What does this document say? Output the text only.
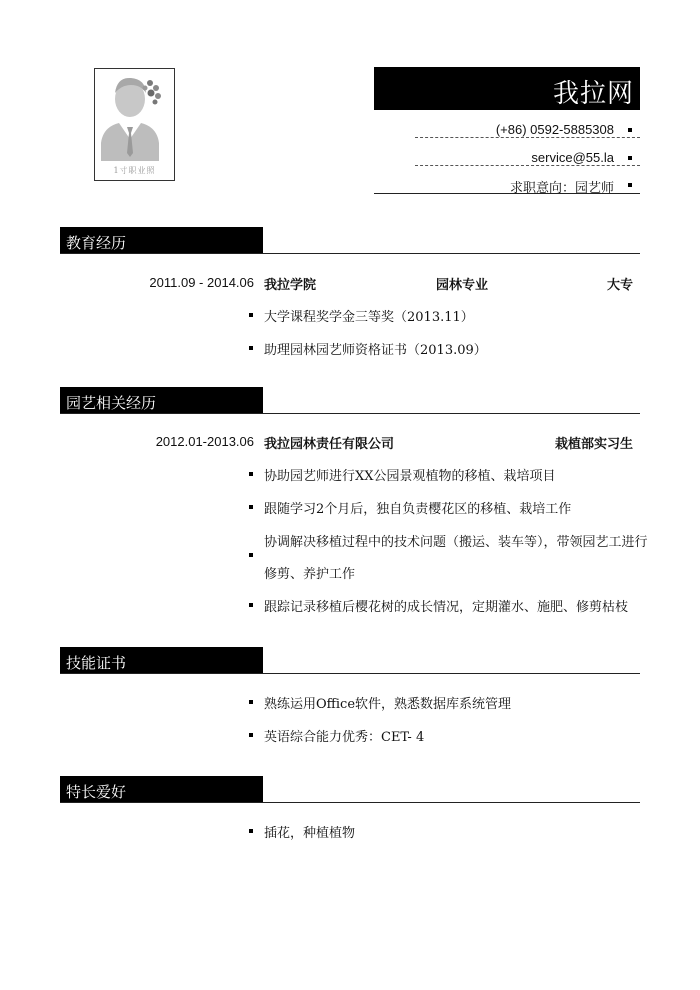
1寸职业照
我拉网
(+86) 0592-5885308
service@55.la
求职意向：园艺师
教育经历
2011.09 - 2014.06 我拉学院	园林专业	大专
大学课程奖学金三等奖（2013.11）
助理园林园艺师资格证书（2013.09）
园艺相关经历
2012.01-2013.06 我拉园林责任有限公司	栽植部实习生
协助园艺师进行XX公园景观植物的移植、栽培项目
跟随学习2个月后，独自负责樱花区的移植、栽培工作
协调解决移植过程中的技术问题（搬运、装车等），带领园艺工进行
修剪、养护工作
跟踪记录移植后樱花树的成长情况，定期灌水、施肥、修剪枯枝
技能证书
熟练运用Office软件，熟悉数据库系统管理
英语综合能力优秀：CET- 4
特长爱好
插花，种植植物
